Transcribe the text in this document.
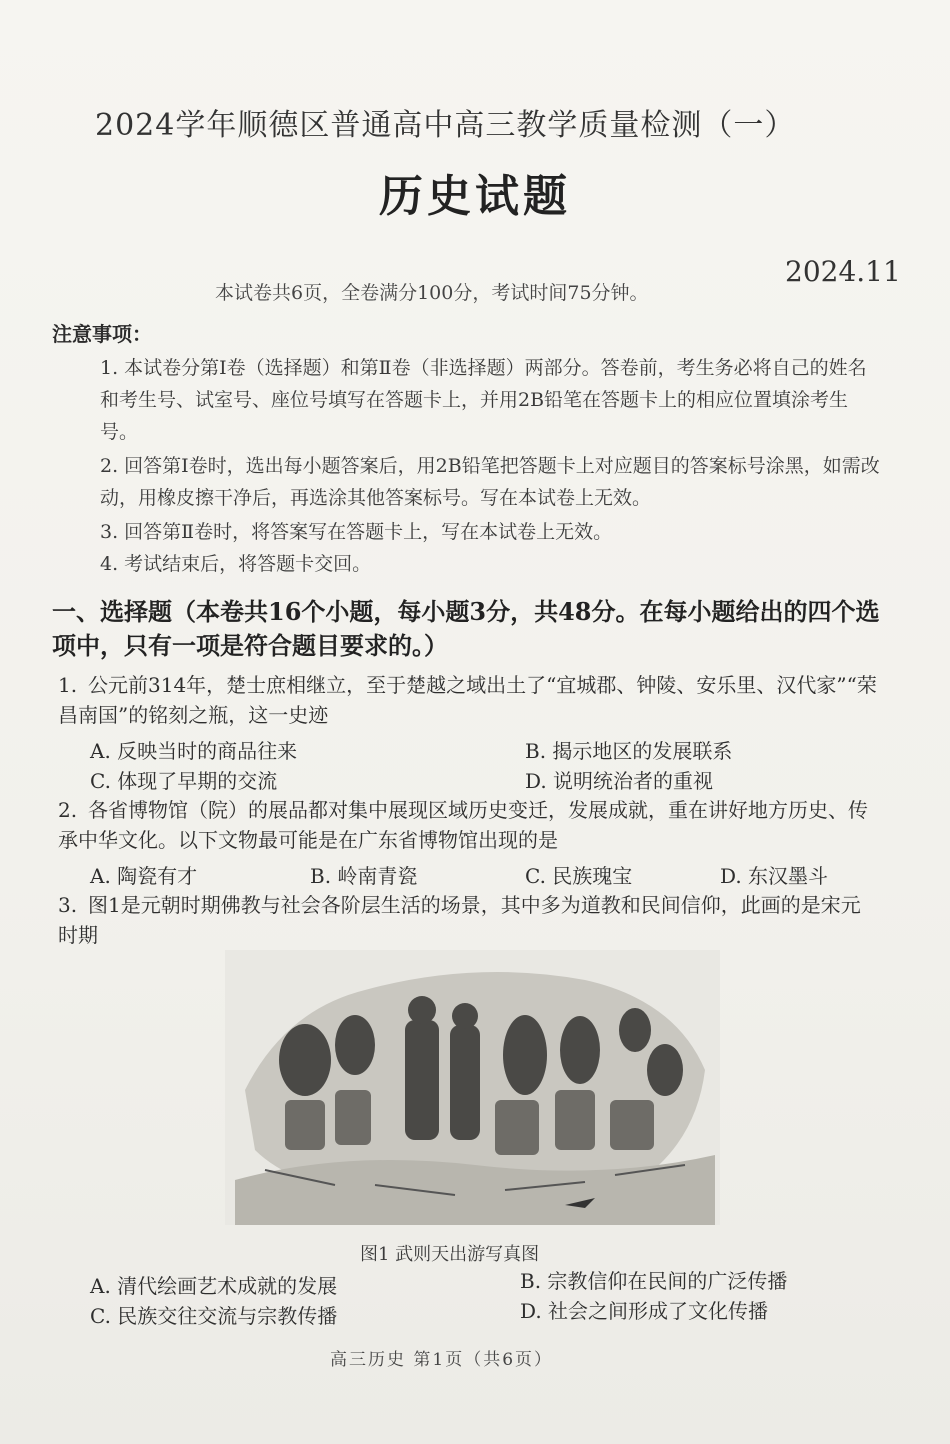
2024学年顺德区普通高中高三教学质量检测（一）
历史试题
2024.11
本试卷共6页，全卷满分100分，考试时间75分钟。
注意事项：
1. 本试卷分第Ⅰ卷（选择题）和第Ⅱ卷（非选择题）两部分。答卷前，考生务必将自己的姓名和考生号、试室号、座位号填写在答题卡上，并用2B铅笔在答题卡上的相应位置填涂考生号。
2. 回答第Ⅰ卷时，选出每小题答案后，用2B铅笔把答题卡上对应题目的答案标号涂黑，如需改动，用橡皮擦干净后，再选涂其他答案标号。写在本试卷上无效。
3. 回答第Ⅱ卷时，将答案写在答题卡上，写在本试卷上无效。
4. 考试结束后，将答题卡交回。
一、选择题（本卷共16个小题，每小题3分，共48分。在每小题给出的四个选项中，只有一项是符合题目要求的。）
1. 公元前314年，楚士庶相继立，至于楚越之域出土了“宜城郡、钟陵、安乐里、汉代家”“荣昌南国”的铭刻之瓶，这一史迹
A. 反映当时的商品往来	B. 揭示地区的发展联系
C. 体现了早期的交流	D. 说明统治者的重视
2. 各省博物馆（院）的展品都对集中展现区域历史变迁，发展成就，重在讲好地方历史、传承中华文化。以下文物最可能是在广东省博物馆出现的是
A. 陶瓷有才	B. 岭南青瓷	C. 民族瑰宝	D. 东汉墨斗
3. 图1是元朝时期佛教与社会各阶层生活的场景，其中多为道教和民间信仰，此画的是宋元时期
图1 武则天出游写真图
A. 清代绘画艺术成就的发展	B. 宗教信仰在民间的广泛传播
C. 民族交往交流与宗教传播	D. 社会之间形成了文化传播
高三历史 第1页（共6页）
